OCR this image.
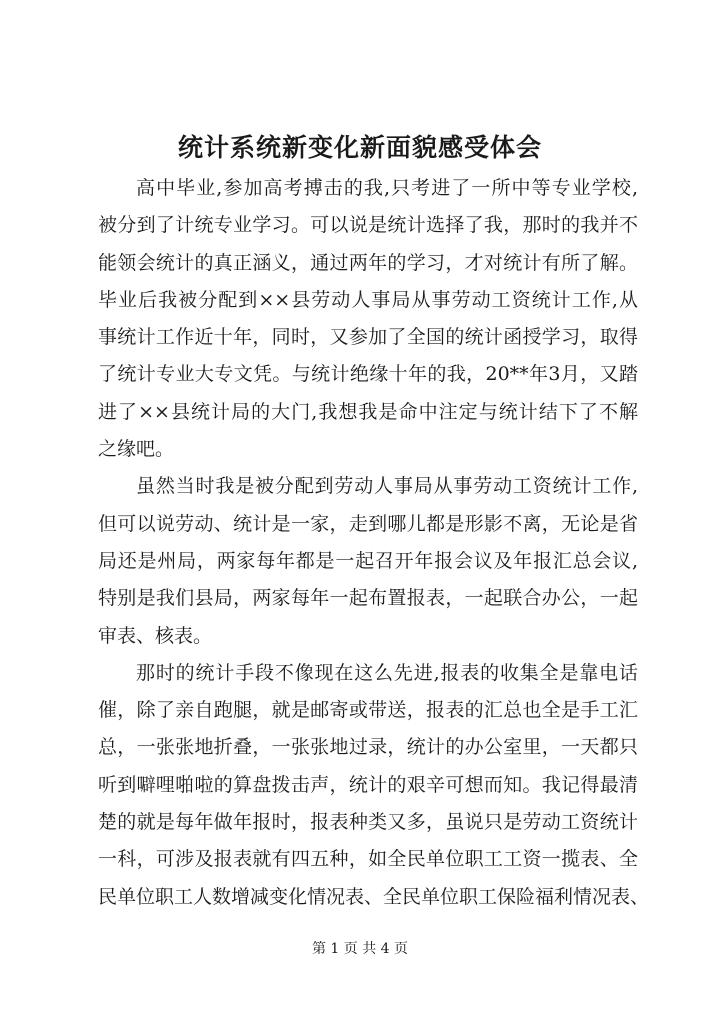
统计系统新变化新面貌感受体会
高中毕业,参加高考搏击的我,只考进了一所中等专业学校,
被分到了计统专业学习。可以说是统计选择了我，那时的我并不
能领会统计的真正涵义，通过两年的学习，才对统计有所了解。
毕业后我被分配到××县劳动人事局从事劳动工资统计工作,从
事统计工作近十年，同时，又参加了全国的统计函授学习，取得
了统计专业大专文凭。与统计绝缘十年的我，20**年3月，又踏
进了××县统计局的大门,我想我是命中注定与统计结下了不解
之缘吧。
虽然当时我是被分配到劳动人事局从事劳动工资统计工作,
但可以说劳动、统计是一家，走到哪儿都是形影不离，无论是省
局还是州局，两家每年都是一起召开年报会议及年报汇总会议,
特别是我们县局，两家每年一起布置报表，一起联合办公，一起
审表、核表。
那时的统计手段不像现在这么先进,报表的收集全是靠电话
催，除了亲自跑腿，就是邮寄或带送，报表的汇总也全是手工汇
总，一张张地折叠，一张张地过录，统计的办公室里，一天都只
听到噼哩啪啦的算盘拨击声，统计的艰辛可想而知。我记得最清
楚的就是每年做年报时，报表种类又多，虽说只是劳动工资统计
一科，可涉及报表就有四五种，如全民单位职工工资一揽表、全
民单位职工人数增减变化情况表、全民单位职工保险福利情况表、
第 1 页 共 4 页
